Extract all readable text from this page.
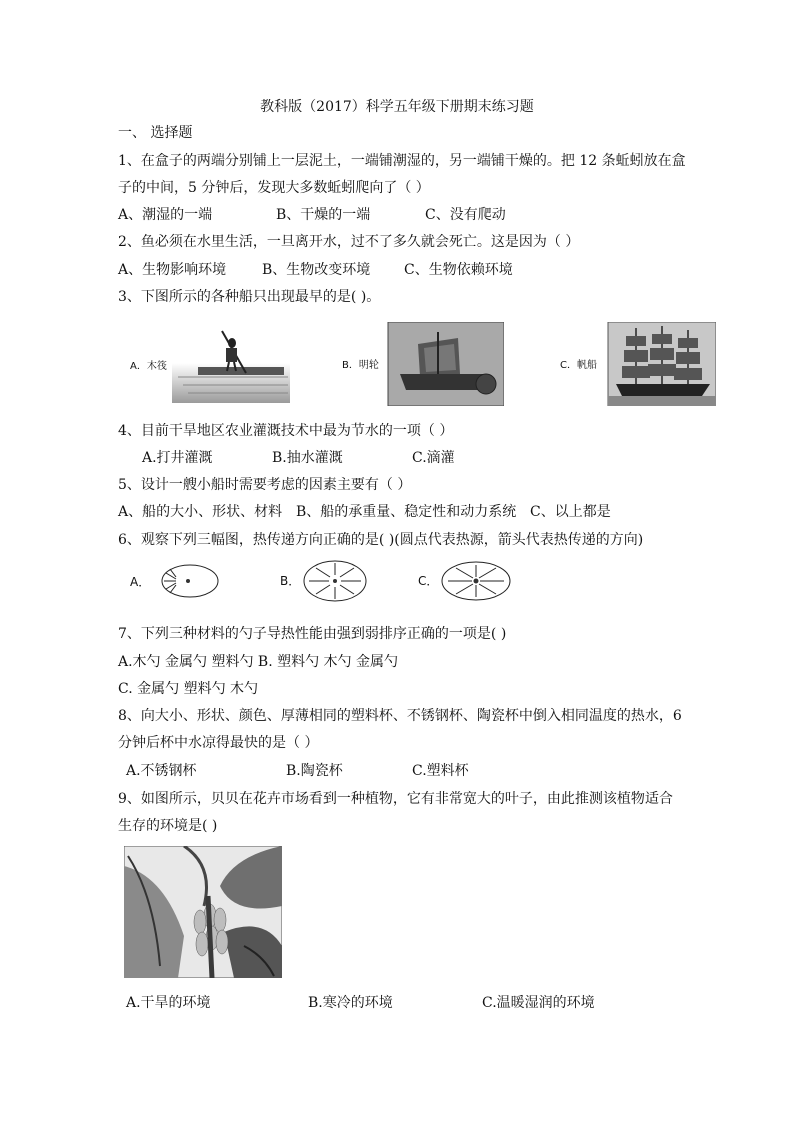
教科版（2017）科学五年级下册期末练习题
一、 选择题
1、在盒子的两端分别铺上一层泥土，一端铺潮湿的，另一端铺干燥的。把 12 条蚯蚓放在盒
子的中间，5 分钟后，发现大多数蚯蚓爬向了（ ）
A、潮湿的一端	B、干燥的一端	C、没有爬动
2、鱼必须在水里生活，一旦离开水，过不了多久就会死亡。这是因为（ ）
A、生物影响环境	B、生物改变环境 C、生物依赖环境
3、下图所示的各种船只出现最早的是( )。
A．木筏	B．明轮	C．帆船
4、目前干旱地区农业灌溉技术中最为节水的一项（ ）
A.打井灌溉	B.抽水灌溉	C.滴灌
5、设计一艘小船时需要考虑的因素主要有（ ）
A、船的大小、形状、材料 B、船的承重量、稳定性和动力系统 C、以上都是
6、观察下列三幅图，热传递方向正确的是( )(圆点代表热源，箭头代表热传递的方向)
A．	B．	C．
7、下列三种材料的勺子导热性能由强到弱排序正确的一项是( )
A.木勺 金属勺 塑料勺 B. 塑料勺 木勺 金属勺
C. 金属勺 塑料勺 木勺
8、向大小、形状、颜色、厚薄相同的塑料杯、不锈钢杯、陶瓷杯中倒入相同温度的热水，6
分钟后杯中水凉得最快的是（ ）
A.不锈钢杯	B.陶瓷杯	C.塑料杯
9、如图所示，贝贝在花卉市场看到一种植物，它有非常宽大的叶子，由此推测该植物适合
生存的环境是( )
A.干旱的环境	B.寒冷的环境	C.温暖湿润的环境
